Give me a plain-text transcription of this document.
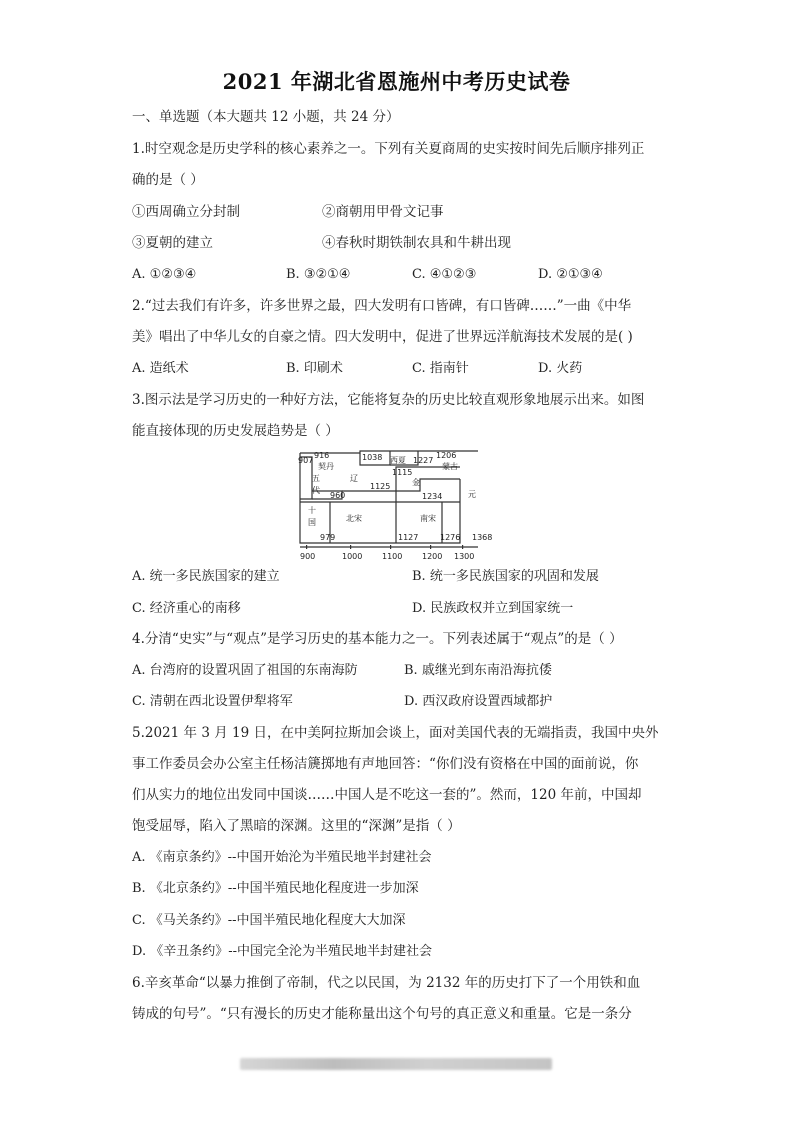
2021 年湖北省恩施州中考历史试卷
一、单选题（本大题共 12 小题，共 24 分）
1.时空观念是历史学科的核心素养之一。下列有关夏商周的史实按时间先后顺序排列正
确的是（ ）
①西周确立分封制	②商朝用甲骨文记事
③夏朝的建立	④春秋时期铁制农具和牛耕出现
A. ①②③④	B. ③②①④	C. ④①②③	D. ②①③④
2.“过去我们有许多，许多世界之最，四大发明有口皆碑，有口皆碑……”一曲《中华
美》唱出了中华儿女的自豪之情。四大发明中，促进了世界远洋航海技术发展的是( )
A. 造纸术	B. 印刷术	C. 指南针	D. 火药
3.图示法是学习历史的一种好方法，它能将复杂的历史比较直观形象地展示出来。如图
能直接体现的历史发展趋势是（ ）
907
916
契丹
1038 西夏 1227
1206
蒙古
1115
辽
五
代	1125	金
960	1234	元
十
国	北宋	南宋
979	1127	1276 1368
900	1000 1100 1200 1300
A. 统一多民族国家的建立	B. 统一多民族国家的巩固和发展
C. 经济重心的南移	D. 民族政权并立到国家统一
4.分清“史实”与“观点”是学习历史的基本能力之一。下列表述属于“观点”的是（ ）
A. 台湾府的设置巩固了祖国的东南海防	B. 戚继光到东南沿海抗倭
C. 清朝在西北设置伊犁将军	D. 西汉政府设置西域都护
5.2021 年 3 月 19 日，在中美阿拉斯加会谈上，面对美国代表的无端指责，我国中央外
事工作委员会办公室主任杨洁篪掷地有声地回答：“你们没有资格在中国的面前说，你
们从实力的地位出发同中国谈……中国人是不吃这一套的”。然而，120 年前，中国却
饱受屈辱，陷入了黑暗的深渊。这里的“深渊”是指（ ）
A. 《南京条约》--中国开始沦为半殖民地半封建社会
B. 《北京条约》--中国半殖民地化程度进一步加深
C. 《马关条约》--中国半殖民地化程度大大加深
D. 《辛丑条约》--中国完全沦为半殖民地半封建社会
6.辛亥革命“以暴力推倒了帝制，代之以民国，为 2132 年的历史打下了一个用铁和血
铸成的句号”。“只有漫长的历史才能称量出这个句号的真正意义和重量。它是一条分
